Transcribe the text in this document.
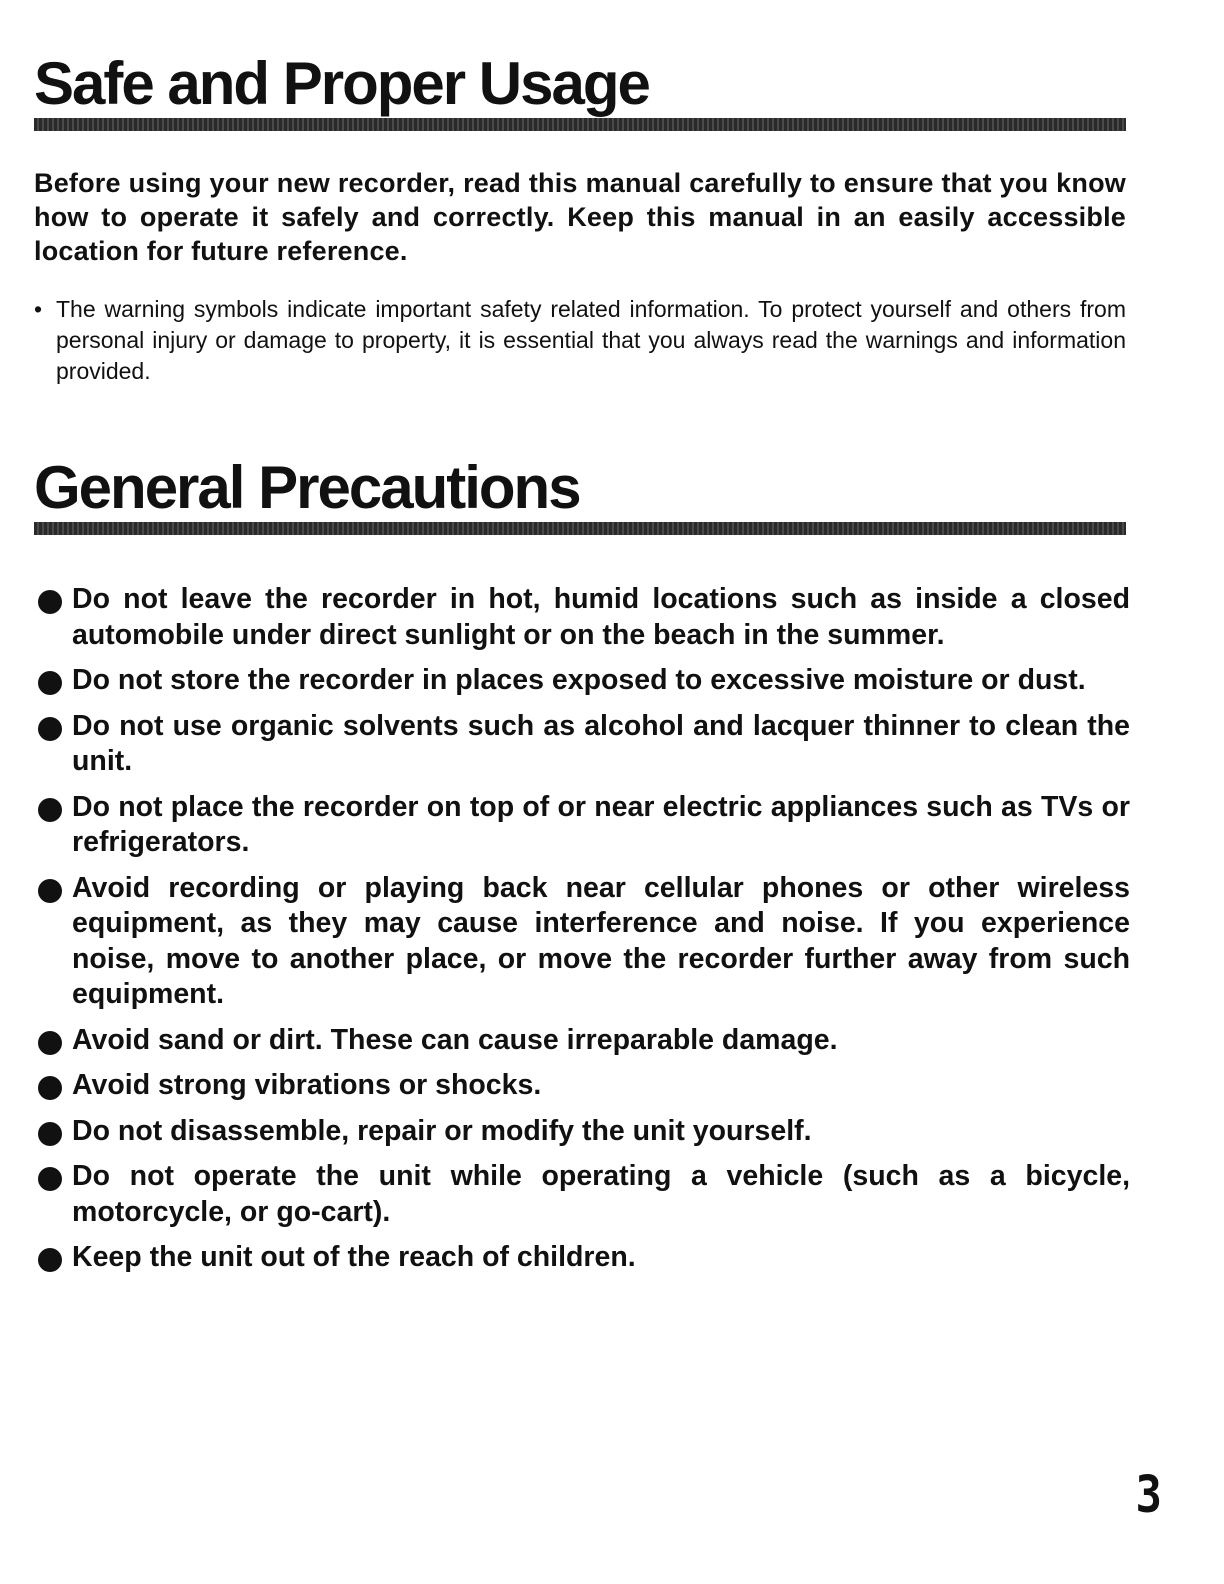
Safe and Proper Usage

Before using your new recorder, read this manual carefully to ensure that you know how to operate it safely and correctly. Keep this manual in an easily accessible location for future reference.

• The warning symbols indicate important safety related information. To protect yourself and others from personal injury or damage to property, it is essential that you always read the warnings and information provided.

General Precautions
Do not leave the recorder in hot, humid locations such as inside a closed automobile under direct sunlight or on the beach in the summer.
Do not store the recorder in places exposed to excessive moisture or dust.
Do not use organic solvents such as alcohol and lacquer thinner to clean the unit.
Do not place the recorder on top of or near electric appliances such as TVs or refrigerators.
Avoid recording or playing back near cellular phones or other wireless equipment, as they may cause interference and noise. If you experience noise, move to another place, or move the recorder further away from such equipment.
Avoid sand or dirt. These can cause irreparable damage.
Avoid strong vibrations or shocks.
Do not disassemble, repair or modify the unit yourself.
Do not operate the unit while operating a vehicle (such as a bicycle, motorcycle, or go-cart).
Keep the unit out of the reach of children.
3
